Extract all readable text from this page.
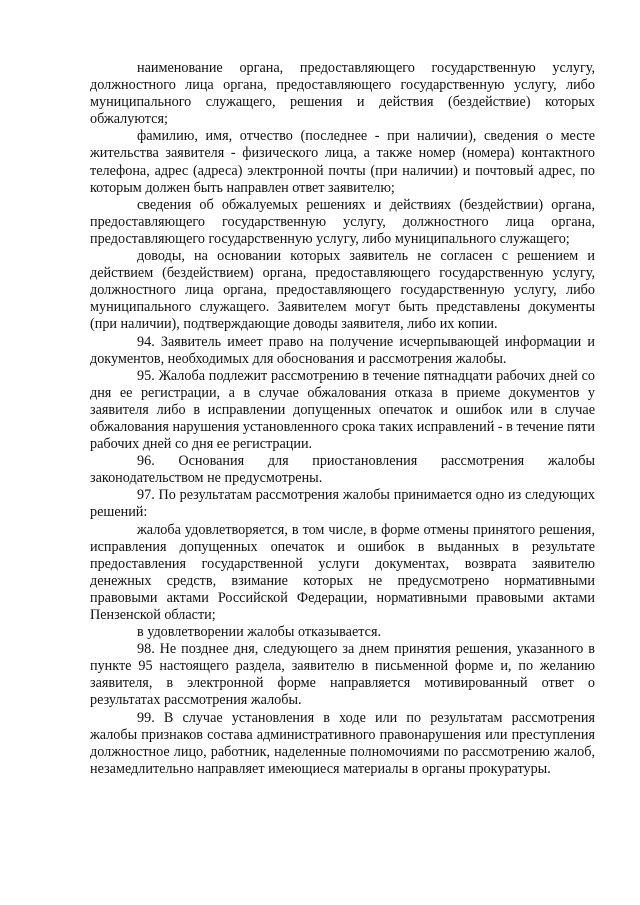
наименование органа, предоставляющего государственную услугу, должностного лица органа, предоставляющего государственную услугу, либо муниципального служащего, решения и действия (бездействие) которых обжалуются;

фамилию, имя, отчество (последнее - при наличии), сведения о месте жительства заявителя - физического лица, а также номер (номера) контактного телефона, адрес (адреса) электронной почты (при наличии) и почтовый адрес, по которым должен быть направлен ответ заявителю;

сведения об обжалуемых решениях и действиях (бездействии) органа, предоставляющего государственную услугу, должностного лица органа, предоставляющего государственную услугу, либо муниципального служащего;

доводы, на основании которых заявитель не согласен с решением и действием (бездействием) органа, предоставляющего государственную услугу, должностного лица органа, предоставляющего государственную услугу, либо муниципального служащего. Заявителем могут быть представлены документы (при наличии), подтверждающие доводы заявителя, либо их копии.

94. Заявитель имеет право на получение исчерпывающей информации и документов, необходимых для обоснования и рассмотрения жалобы.

95. Жалоба подлежит рассмотрению в течение пятнадцати рабочих дней со дня ее регистрации, а в случае обжалования отказа в приеме документов у заявителя либо в исправлении допущенных опечаток и ошибок или в случае обжалования нарушения установленного срока таких исправлений - в течение пяти рабочих дней со дня ее регистрации.

96. Основания для приостановления рассмотрения жалобы законодательством не предусмотрены.

97. По результатам рассмотрения жалобы принимается одно из следующих решений:

жалоба удовлетворяется, в том числе, в форме отмены принятого решения, исправления допущенных опечаток и ошибок в выданных в результате предоставления государственной услуги документах, возврата заявителю денежных средств, взимание которых не предусмотрено нормативными правовыми актами Российской Федерации, нормативными правовыми актами Пензенской области;

в удовлетворении жалобы отказывается.

98. Не позднее дня, следующего за днем принятия решения, указанного в пункте 95 настоящего раздела, заявителю в письменной форме и, по желанию заявителя, в электронной форме направляется мотивированный ответ о результатах рассмотрения жалобы.

99. В случае установления в ходе или по результатам рассмотрения жалобы признаков состава административного правонарушения или преступления должностное лицо, работник, наделенные полномочиями по рассмотрению жалоб, незамедлительно направляет имеющиеся материалы в органы прокуратуры.
